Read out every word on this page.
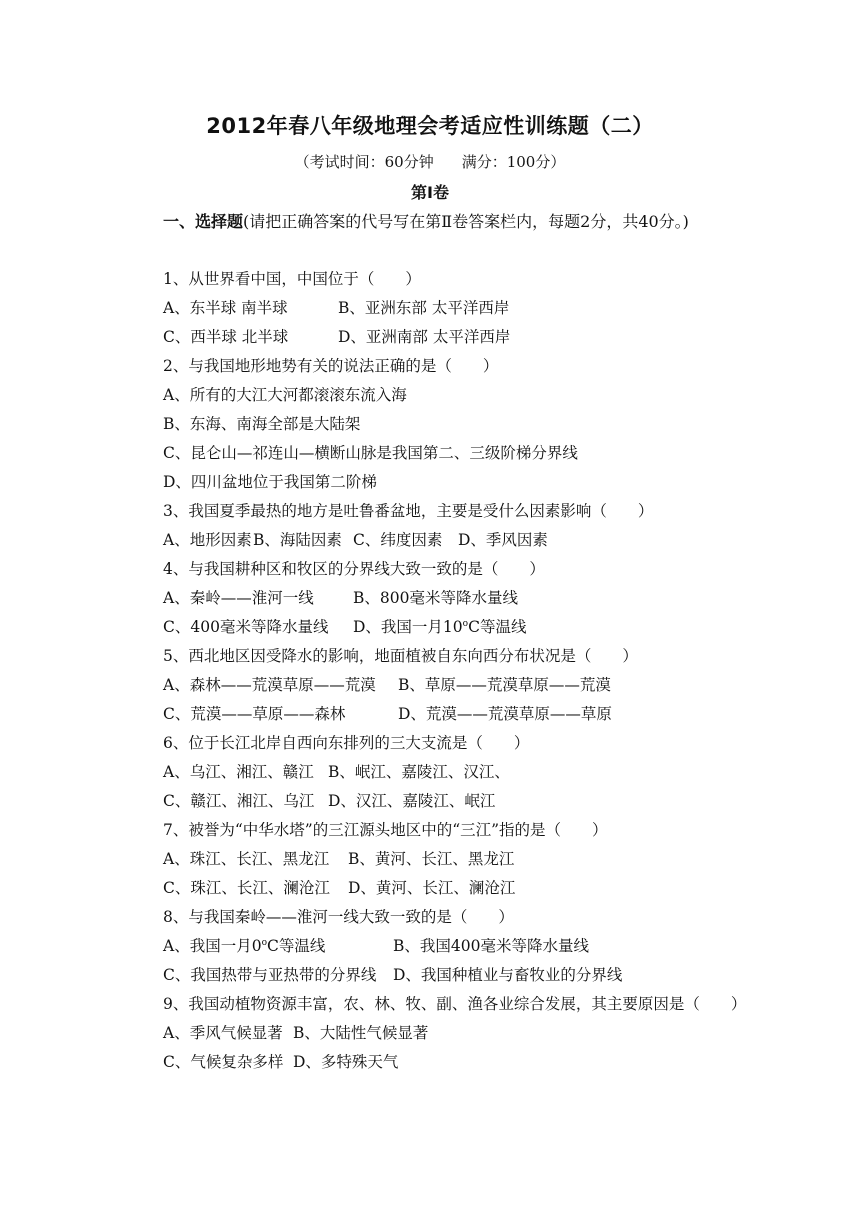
2012年春八年级地理会考适应性训练题（二）
（考试时间：60分钟 满分：100分）
第Ⅰ卷
一、选择题(请把正确答案的代号写在第Ⅱ卷答案栏内，每题2分，共40分。)
1、从世界看中国，中国位于（　　）
A、东半球 南半球	B、亚洲东部 太平洋西岸
C、西半球 北半球	D、亚洲南部 太平洋西岸
2、与我国地形地势有关的说法正确的是（　　）
A、所有的大江大河都滚滚东流入海
B、东海、南海全部是大陆架
C、昆仑山—祁连山—横断山脉是我国第二、三级阶梯分界线
D、四川盆地位于我国第二阶梯
3、我国夏季最热的地方是吐鲁番盆地，主要是受什么因素影响（　　）
A、地形因素 B、海陆因素 C、纬度因素 D、季风因素
4、与我国耕种区和牧区的分界线大致一致的是（　　）
A、秦岭——淮河一线	B、800毫米等降水量线
C、400毫米等降水量线 D、我国一月10$^o$C等温线
5、西北地区因受降水的影响，地面植被自东向西分布状况是（　　）
A、森林——荒漠草原——荒漠 B、草原——荒漠草原——荒漠
C、荒漠——草原——森林	D、荒漠——荒漠草原——草原
6、位于长江北岸自西向东排列的三大支流是（　　）
A、乌江、湘江、赣江 B、岷江、嘉陵江、汉江、
C、赣江、湘江、乌江 D、汉江、嘉陵江、岷江
7、被誉为“中华水塔”的三江源头地区中的“三江”指的是（　　）
A、珠江、长江、黑龙江 B、黄河、长江、黑龙江
C、珠江、长江、澜沧江 D、黄河、长江、澜沧江
8、与我国秦岭——淮河一线大致一致的是（　　）
A、我国一月0$^o$C等温线	B、我国400毫米等降水量线
C、我国热带与亚热带的分界线 D、我国种植业与畜牧业的分界线
9、我国动植物资源丰富，农、林、牧、副、渔各业综合发展，其主要原因是（　　）
A、季风气候显著 B、大陆性气候显著
C、气候复杂多样 D、多特殊天气
